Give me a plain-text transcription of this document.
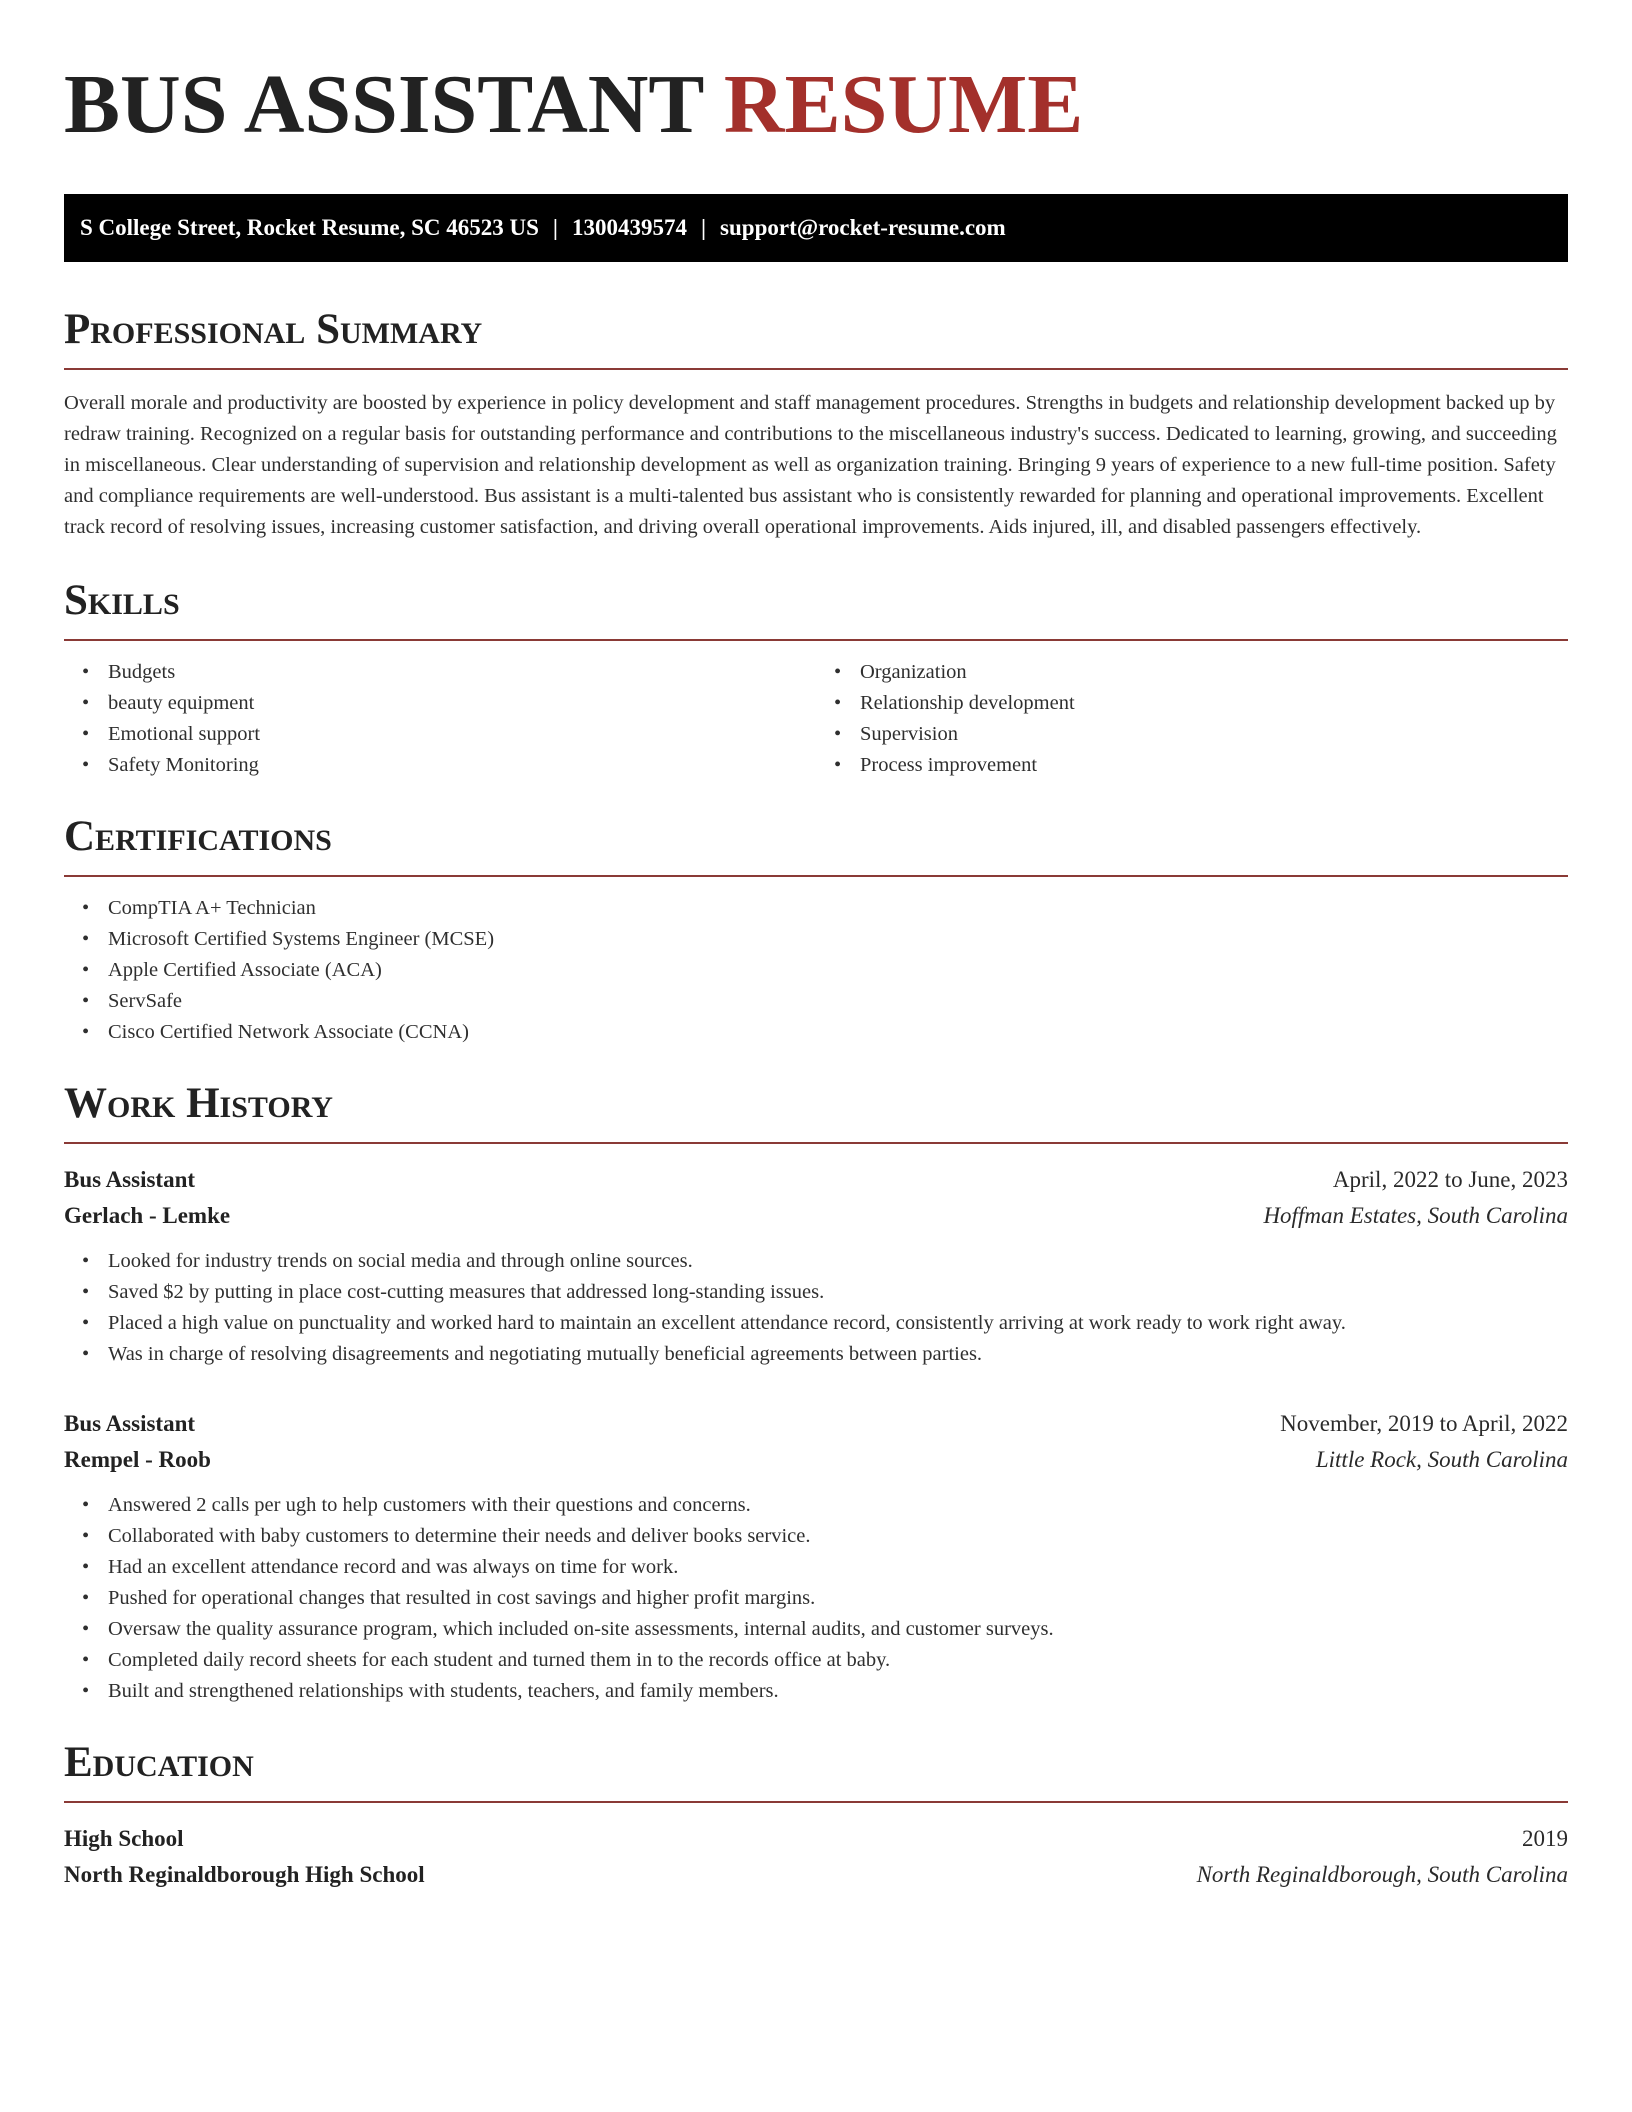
BUS ASSISTANT RESUME
S College Street, Rocket Resume, SC 46523 US | 1300439574 | support@rocket-resume.com
Professional Summary

Overall morale and productivity are boosted by experience in policy development and staff management procedures. Strengths in budgets and relationship development backed up by redraw training. Recognized on a regular basis for outstanding performance and contributions to the miscellaneous industry's success. Dedicated to learning, growing, and succeeding in miscellaneous. Clear understanding of supervision and relationship development as well as organization training. Bringing 9 years of experience to a new full-time position. Safety and compliance requirements are well-understood. Bus assistant is a multi-talented bus assistant who is consistently rewarded for planning and operational improvements. Excellent track record of resolving issues, increasing customer satisfaction, and driving overall operational improvements. Aids injured, ill, and disabled passengers effectively.

Skills
• Budgets
• beauty equipment
• Emotional support
• Safety Monitoring
• Organization
• Relationship development
• Supervision
• Process improvement
Certifications
• CompTIA A+ Technician
• Microsoft Certified Systems Engineer (MCSE)
• Apple Certified Associate (ACA)
• ServSafe
• Cisco Certified Network Associate (CCNA)
Work History
Bus Assistant	April, 2022 to June, 2023
Gerlach - Lemke	Hoffman Estates, South Carolina
• Looked for industry trends on social media and through online sources.
• Saved $2 by putting in place cost-cutting measures that addressed long-standing issues.
• Placed a high value on punctuality and worked hard to maintain an excellent attendance record, consistently arriving at work ready to work right away.
• Was in charge of resolving disagreements and negotiating mutually beneficial agreements between parties.
Bus Assistant	November, 2019 to April, 2022
Rempel - Roob	Little Rock, South Carolina
• Answered 2 calls per ugh to help customers with their questions and concerns.
• Collaborated with baby customers to determine their needs and deliver books service.
• Had an excellent attendance record and was always on time for work.
• Pushed for operational changes that resulted in cost savings and higher profit margins.
• Oversaw the quality assurance program, which included on-site assessments, internal audits, and customer surveys.
• Completed daily record sheets for each student and turned them in to the records office at baby.
• Built and strengthened relationships with students, teachers, and family members.
Education
High School	2019
North Reginaldborough High School	North Reginaldborough, South Carolina
